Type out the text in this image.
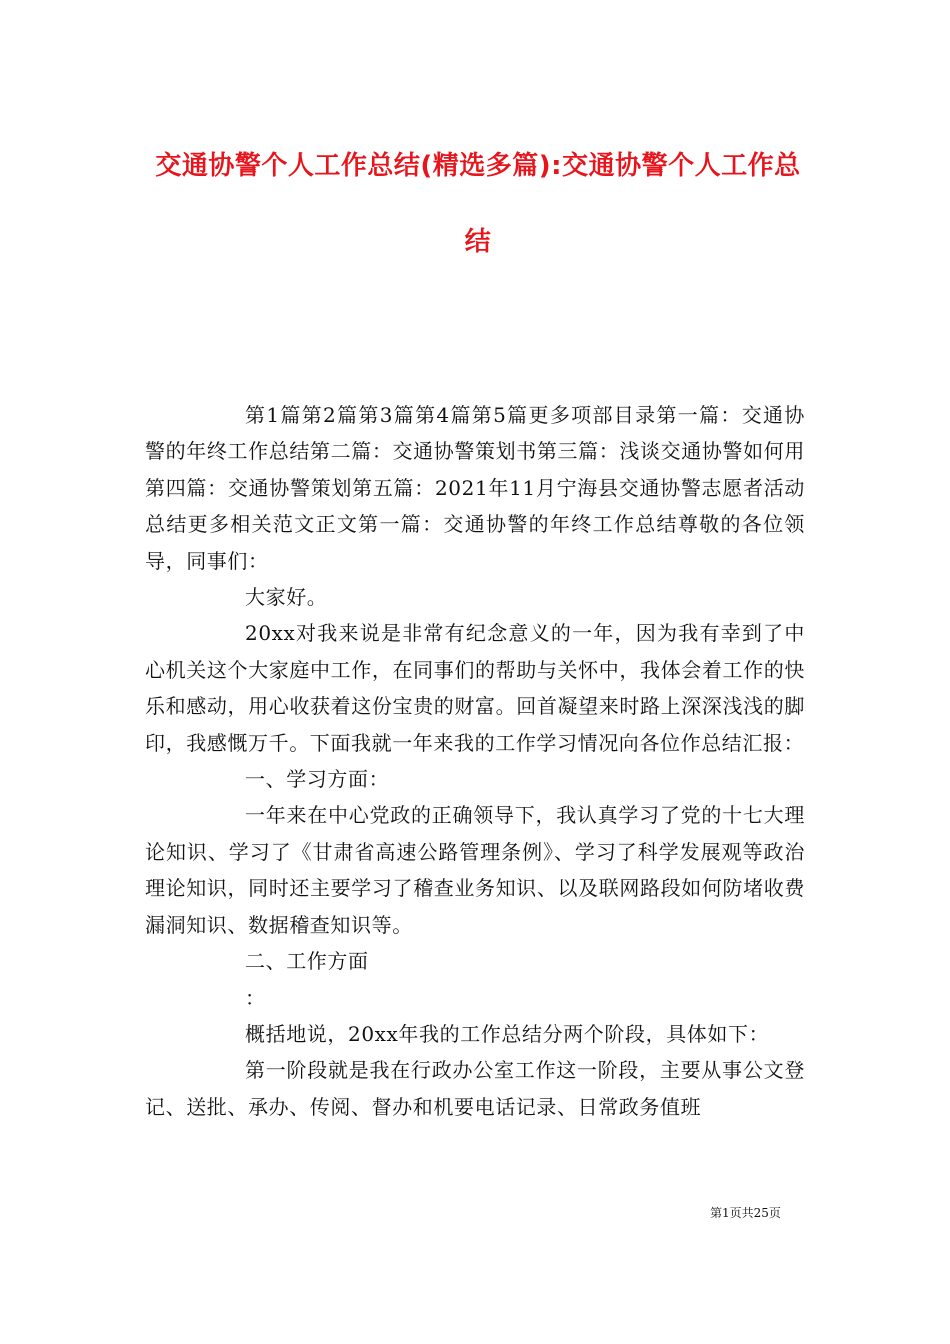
交通协警个人工作总结(精选多篇):交通协警个人工作总结

第1篇第2篇第3篇第4篇第5篇更多项部目录第一篇：交通协警的年终工作总结第二篇：交通协警策划书第三篇：浅谈交通协警如何用第四篇：交通协警策划第五篇：2021年11月宁海县交通协警志愿者活动总结更多相关范文正文第一篇：交通协警的年终工作总结尊敬的各位领导，同事们：

大家好。

20xx对我来说是非常有纪念意义的一年，因为我有幸到了中心机关这个大家庭中工作，在同事们的帮助与关怀中，我体会着工作的快乐和感动，用心收获着这份宝贵的财富。回首凝望来时路上深深浅浅的脚印，我感慨万千。下面我就一年来我的工作学习情况向各位作总结汇报：

一、学习方面：

一年来在中心党政的正确领导下，我认真学习了党的十七大理论知识、学习了《甘肃省高速公路管理条例》、学习了科学发展观等政治理论知识，同时还主要学习了稽查业务知识、以及联网路段如何防堵收费漏洞知识、数据稽查知识等。

二、工作方面

：

概括地说，20xx年我的工作总结分两个阶段，具体如下：

第一阶段就是我在行政办公室工作这一阶段，主要从事公文登记、送批、承办、传阅、督办和机要电话记录、日常政务值班

第1页共25页
